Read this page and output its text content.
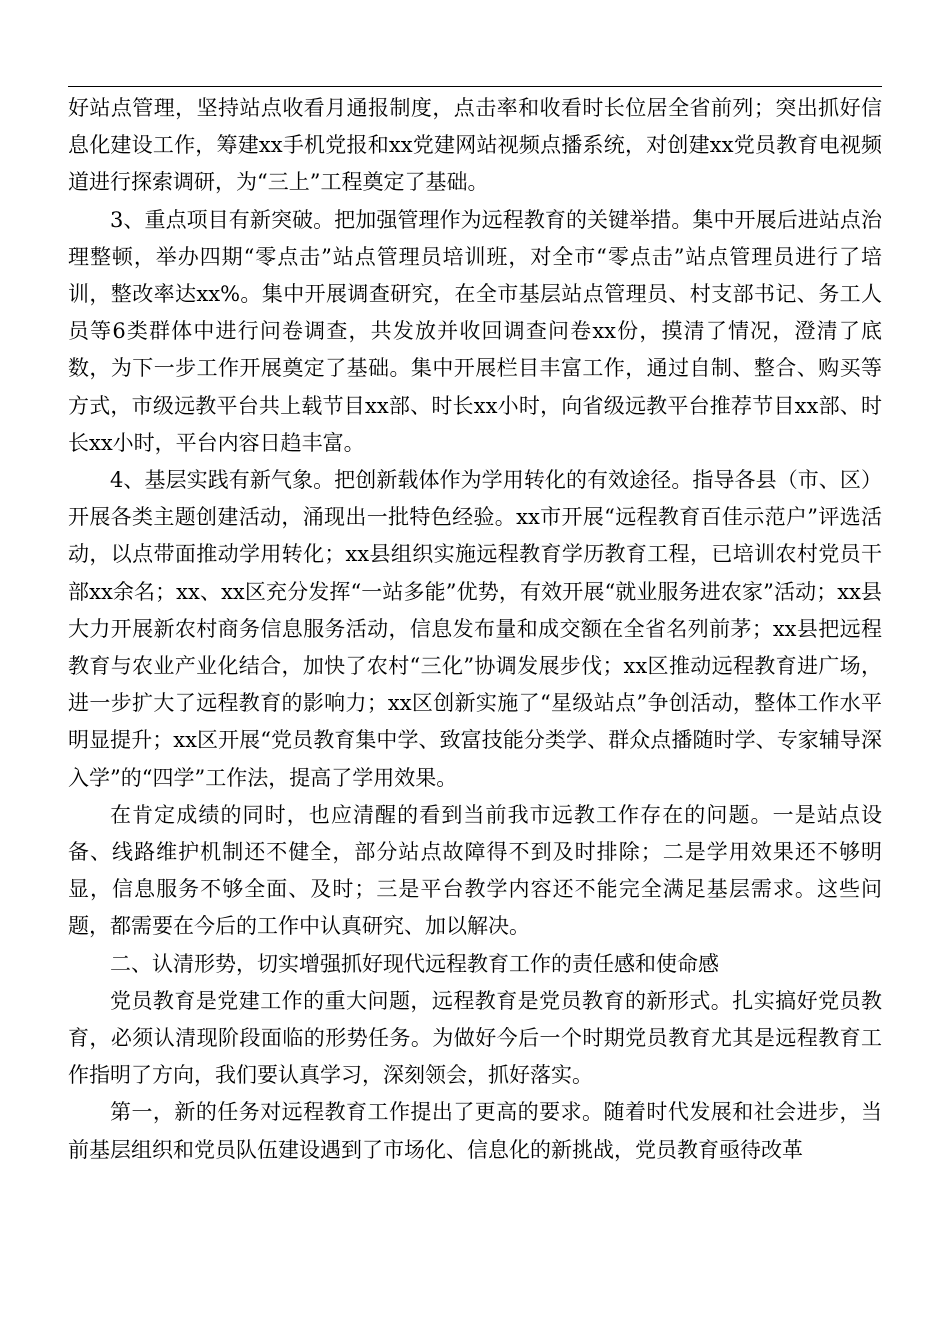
好站点管理，坚持站点收看月通报制度，点击率和收看时长位居全省前列；突出抓好信息化建设工作，筹建xx手机党报和xx党建网站视频点播系统，对创建xx党员教育电视频道进行探索调研，为“三上”工程奠定了基础。

3、重点项目有新突破。把加强管理作为远程教育的关键举措。集中开展后进站点治理整顿，举办四期“零点击”站点管理员培训班，对全市“零点击”站点管理员进行了培训，整改率达xx%。集中开展调查研究，在全市基层站点管理员、村支部书记、务工人员等6类群体中进行问卷调查，共发放并收回调查问卷xx份，摸清了情况，澄清了底数，为下一步工作开展奠定了基础。集中开展栏目丰富工作，通过自制、整合、购买等方式，市级远教平台共上载节目xx部、时长xx小时，向省级远教平台推荐节目xx部、时长xx小时，平台内容日趋丰富。

4、基层实践有新气象。把创新载体作为学用转化的有效途径。指导各县（市、区）开展各类主题创建活动，涌现出一批特色经验。xx市开展“远程教育百佳示范户”评选活动，以点带面推动学用转化；xx县组织实施远程教育学历教育工程，已培训农村党员干部xx余名；xx、xx区充分发挥“一站多能”优势，有效开展“就业服务进农家”活动；xx县大力开展新农村商务信息服务活动，信息发布量和成交额在全省名列前茅；xx县把远程教育与农业产业化结合，加快了农村“三化”协调发展步伐；xx区推动远程教育进广场，进一步扩大了远程教育的影响力；xx区创新实施了“星级站点”争创活动，整体工作水平明显提升；xx区开展“党员教育集中学、致富技能分类学、群众点播随时学、专家辅导深入学”的“四学”工作法，提高了学用效果。

在肯定成绩的同时，也应清醒的看到当前我市远教工作存在的问题。一是站点设备、线路维护机制还不健全，部分站点故障得不到及时排除；二是学用效果还不够明显，信息服务不够全面、及时；三是平台教学内容还不能完全满足基层需求。这些问题，都需要在今后的工作中认真研究、加以解决。

二、认清形势，切实增强抓好现代远程教育工作的责任感和使命感

党员教育是党建工作的重大问题，远程教育是党员教育的新形式。扎实搞好党员教育，必须认清现阶段面临的形势任务。为做好今后一个时期党员教育尤其是远程教育工作指明了方向，我们要认真学习，深刻领会，抓好落实。

第一，新的任务对远程教育工作提出了更高的要求。随着时代发展和社会进步，当前基层组织和党员队伍建设遇到了市场化、信息化的新挑战，党员教育亟待改革
